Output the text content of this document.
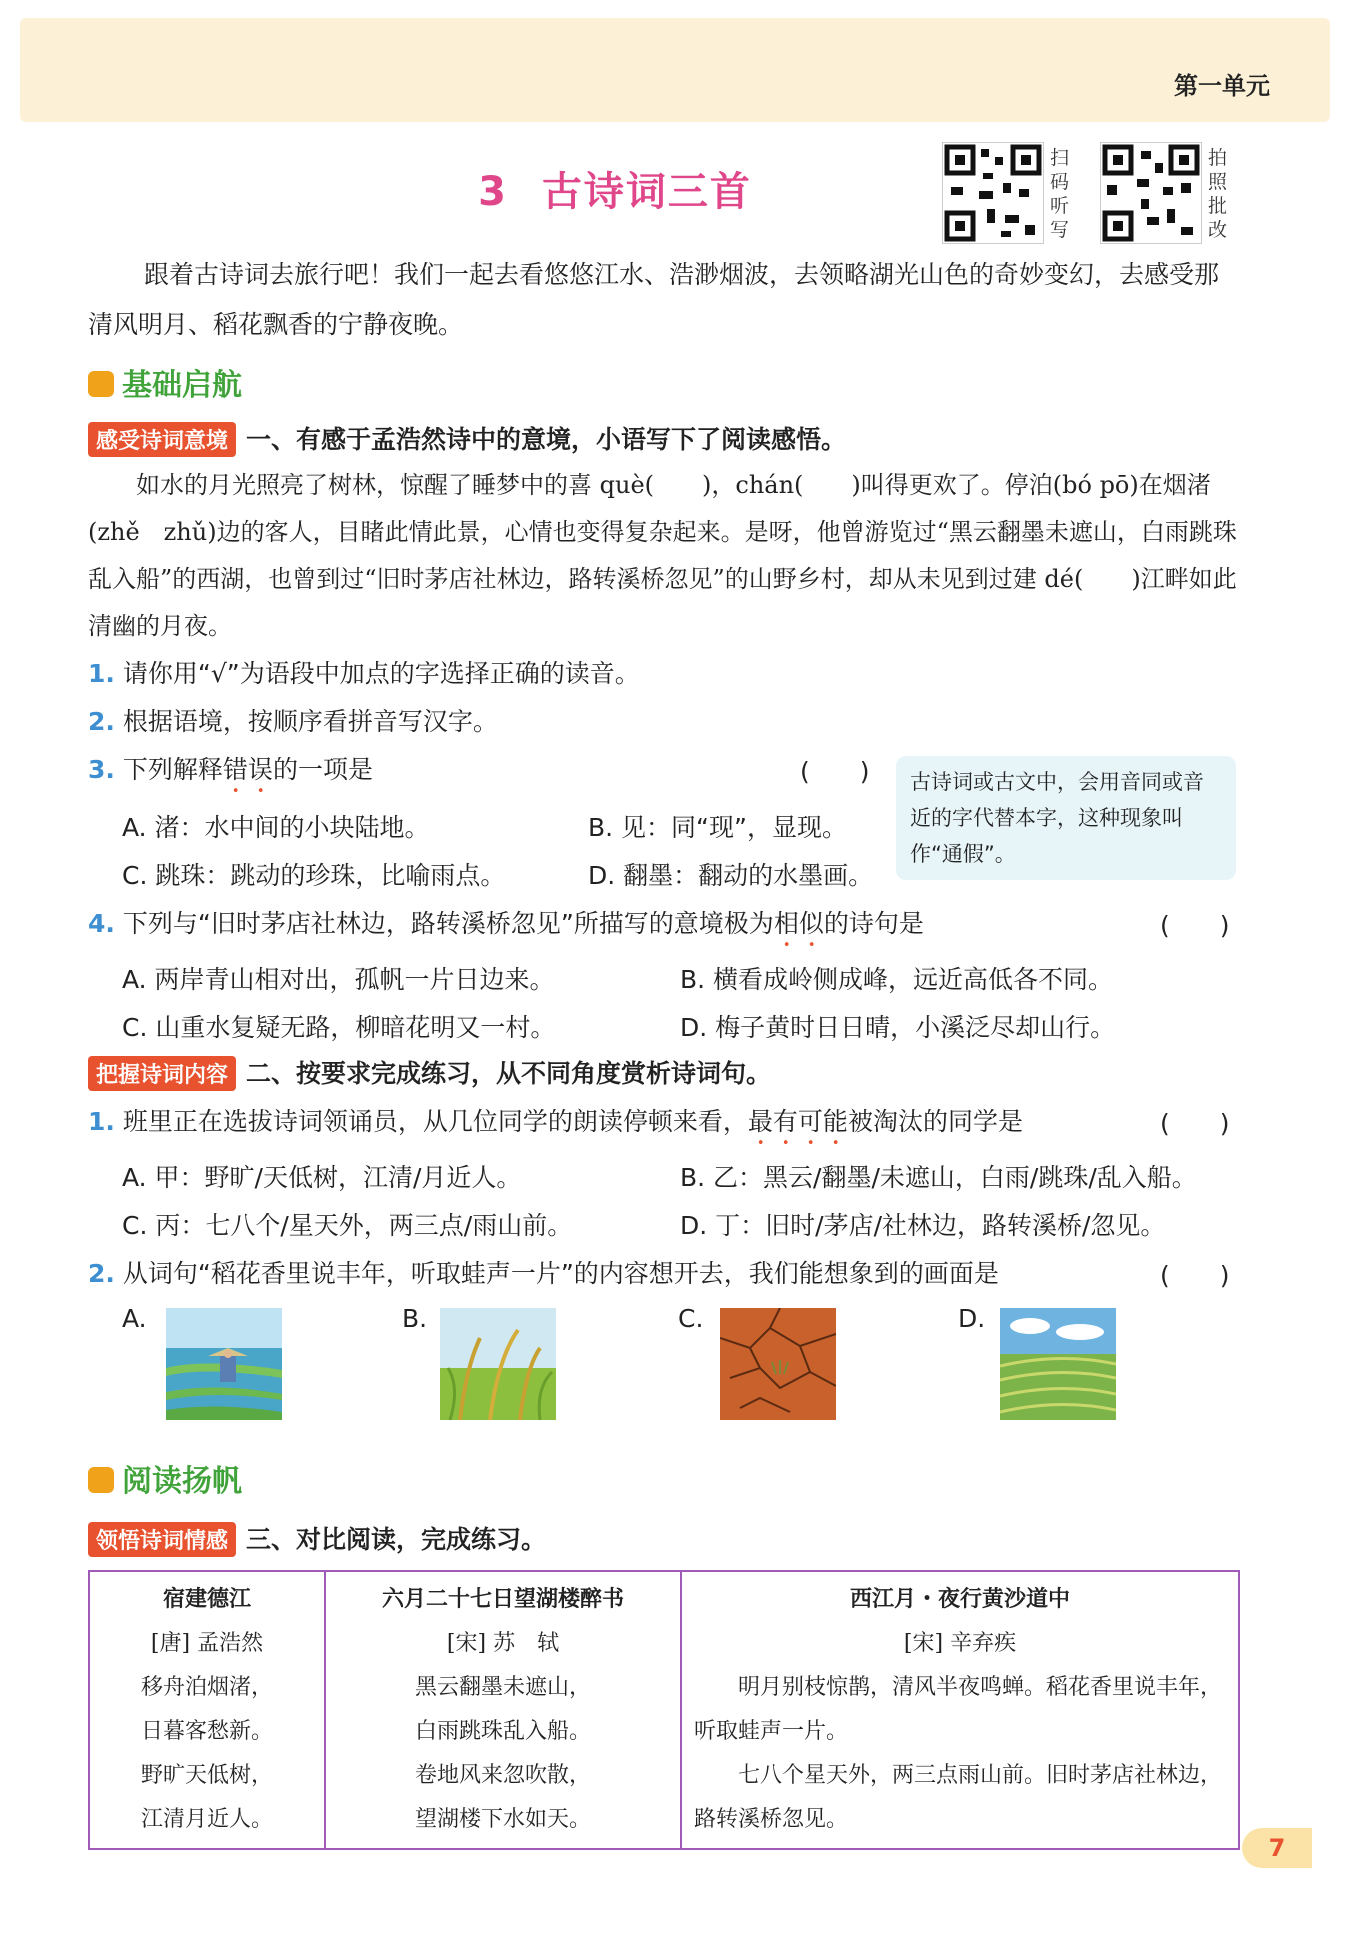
第一单元
3 古诗词三首
扫码听写
拍照批改
跟着古诗词去旅行吧！我们一起去看悠悠江水、浩渺烟波，去领略湖光山色的奇妙变幻，去感受那清风明月、稻花飘香的宁静夜晚。
基础启航
感受诗词意境 一、有感于孟浩然诗中的意境，小语写下了阅读感悟。

如水的月光照亮了树林，惊醒了睡梦中的喜 què(　　)，chán(　　)叫得更欢了。停泊(bó pō)在烟渚(zhě　zhǔ)边的客人，目睹此情此景，心情也变得复杂起来。是呀，他曾游览过“黑云翻墨未遮山，白雨跳珠乱入船”的西湖，也曾到过“旧时茅店社林边，路转溪桥忽见”的山野乡村，却从未见到过建 dé(　　)江畔如此清幽的月夜。

1. 请你用“√”为语段中加点的字选择正确的读音。
2. 根据语境，按顺序看拼音写汉字。
3. 下列解释错误的一项是	(　　)
A. 渚：水中间的小块陆地。	B. 见：同“现”，显现。
C. 跳珠：跳动的珍珠，比喻雨点。	D. 翻墨：翻动的水墨画。
古诗词或古文中，会用音同或音近的字代替本字，这种现象叫作“通假”。
4. 下列与“旧时茅店社林边，路转溪桥忽见”所描写的意境极为相似的诗句是	(　　)
A. 两岸青山相对出，孤帆一片日边来。	B. 横看成岭侧成峰，远近高低各不同。
C. 山重水复疑无路，柳暗花明又一村。	D. 梅子黄时日日晴，小溪泛尽却山行。
把握诗词内容 二、按要求完成练习，从不同角度赏析诗词句。
1. 班里正在选拔诗词领诵员，从几位同学的朗读停顿来看，最有可能被淘汰的同学是	(　　)
A. 甲：野旷/天低树，江清/月近人。	B. 乙：黑云/翻墨/未遮山，白雨/跳珠/乱入船。
C. 丙：七八个/星天外，两三点/雨山前。	D. 丁：旧时/茅店/社林边，路转溪桥/忽见。
2. 从词句“稻花香里说丰年，听取蛙声一片”的内容想开去，我们能想象到的画面是	(　　)
A.	B.	C.	D.
阅读扬帆
领悟诗词情感 三、对比阅读，完成练习。
宿建德江
[唐] 孟浩然
移舟泊烟渚，
日暮客愁新。
野旷天低树，
江清月近人。

六月二十七日望湖楼醉书
[宋] 苏　轼
黑云翻墨未遮山，
白雨跳珠乱入船。
卷地风来忽吹散，
望湖楼下水如天。

西江月・夜行黄沙道中
[宋] 辛弃疾
明月别枝惊鹊，清风半夜鸣蝉。稻花香里说丰年，听取蛙声一片。
七八个星天外，两三点雨山前。旧时茅店社林边，路转溪桥忽见。
7
